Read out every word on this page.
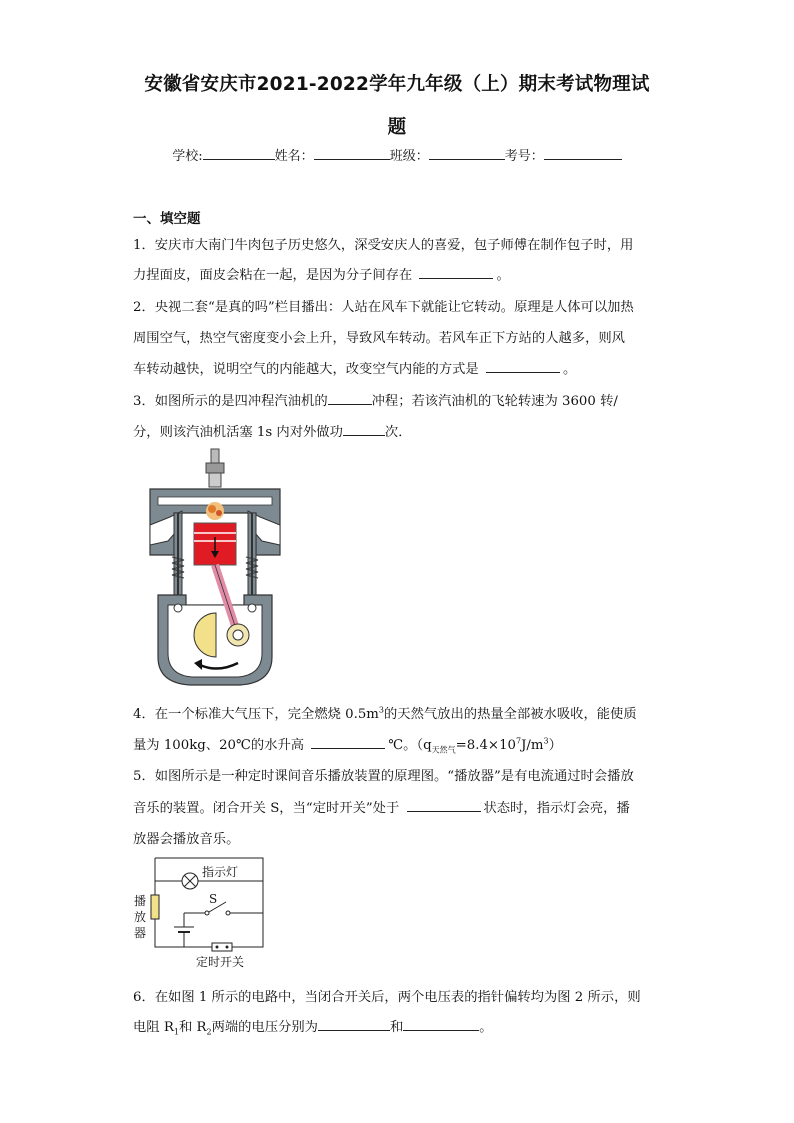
安徽省安庆市2021-2022学年九年级（上）期末考试物理试
题
学校:	姓名：	班级：	考号：
一、填空题
1．安庆市大南门牛肉包子历史悠久，深受安庆人的喜爱，包子师傅在制作包子时，用
力捏面皮，面皮会粘在一起，是因为分子间存在	。
2．央视二套“是真的吗”栏目播出：人站在风车下就能让它转动。原理是人体可以加热
周围空气，热空气密度变小会上升，导致风车转动。若风车正下方站的人越多，则风
车转动越快，说明空气的内能越大，改变空气内能的方式是	。
3．如图所示的是四冲程汽油机的	冲程；若该汽油机的飞轮转速为 3600 转/
分，则该汽油机活塞 1s 内对外做功	次．
4．在一个标准大气压下，完全燃烧 $0.5m^3$的天然气放出的热量全部被水吸收，能使质
量为 100kg、20℃的水升高	℃。$(q_{天然气}=8.4\times 10^7J/m^3)$
5．如图所示是一种定时课间音乐播放装置的原理图。“播放器”是有电流通过时会播放
音乐的装置。闭合开关 S，当“定时开关”处于	状态时，指示灯会亮，播
放器会播放音乐。
指示灯
S
播
放
器
定时开关
6．在如图 1 所示的电路中，当闭合开关后，两个电压表的指针偏转均为图 2 所示，则
电阻 $R_1$和 $R_2$两端的电压分别为	和	。
